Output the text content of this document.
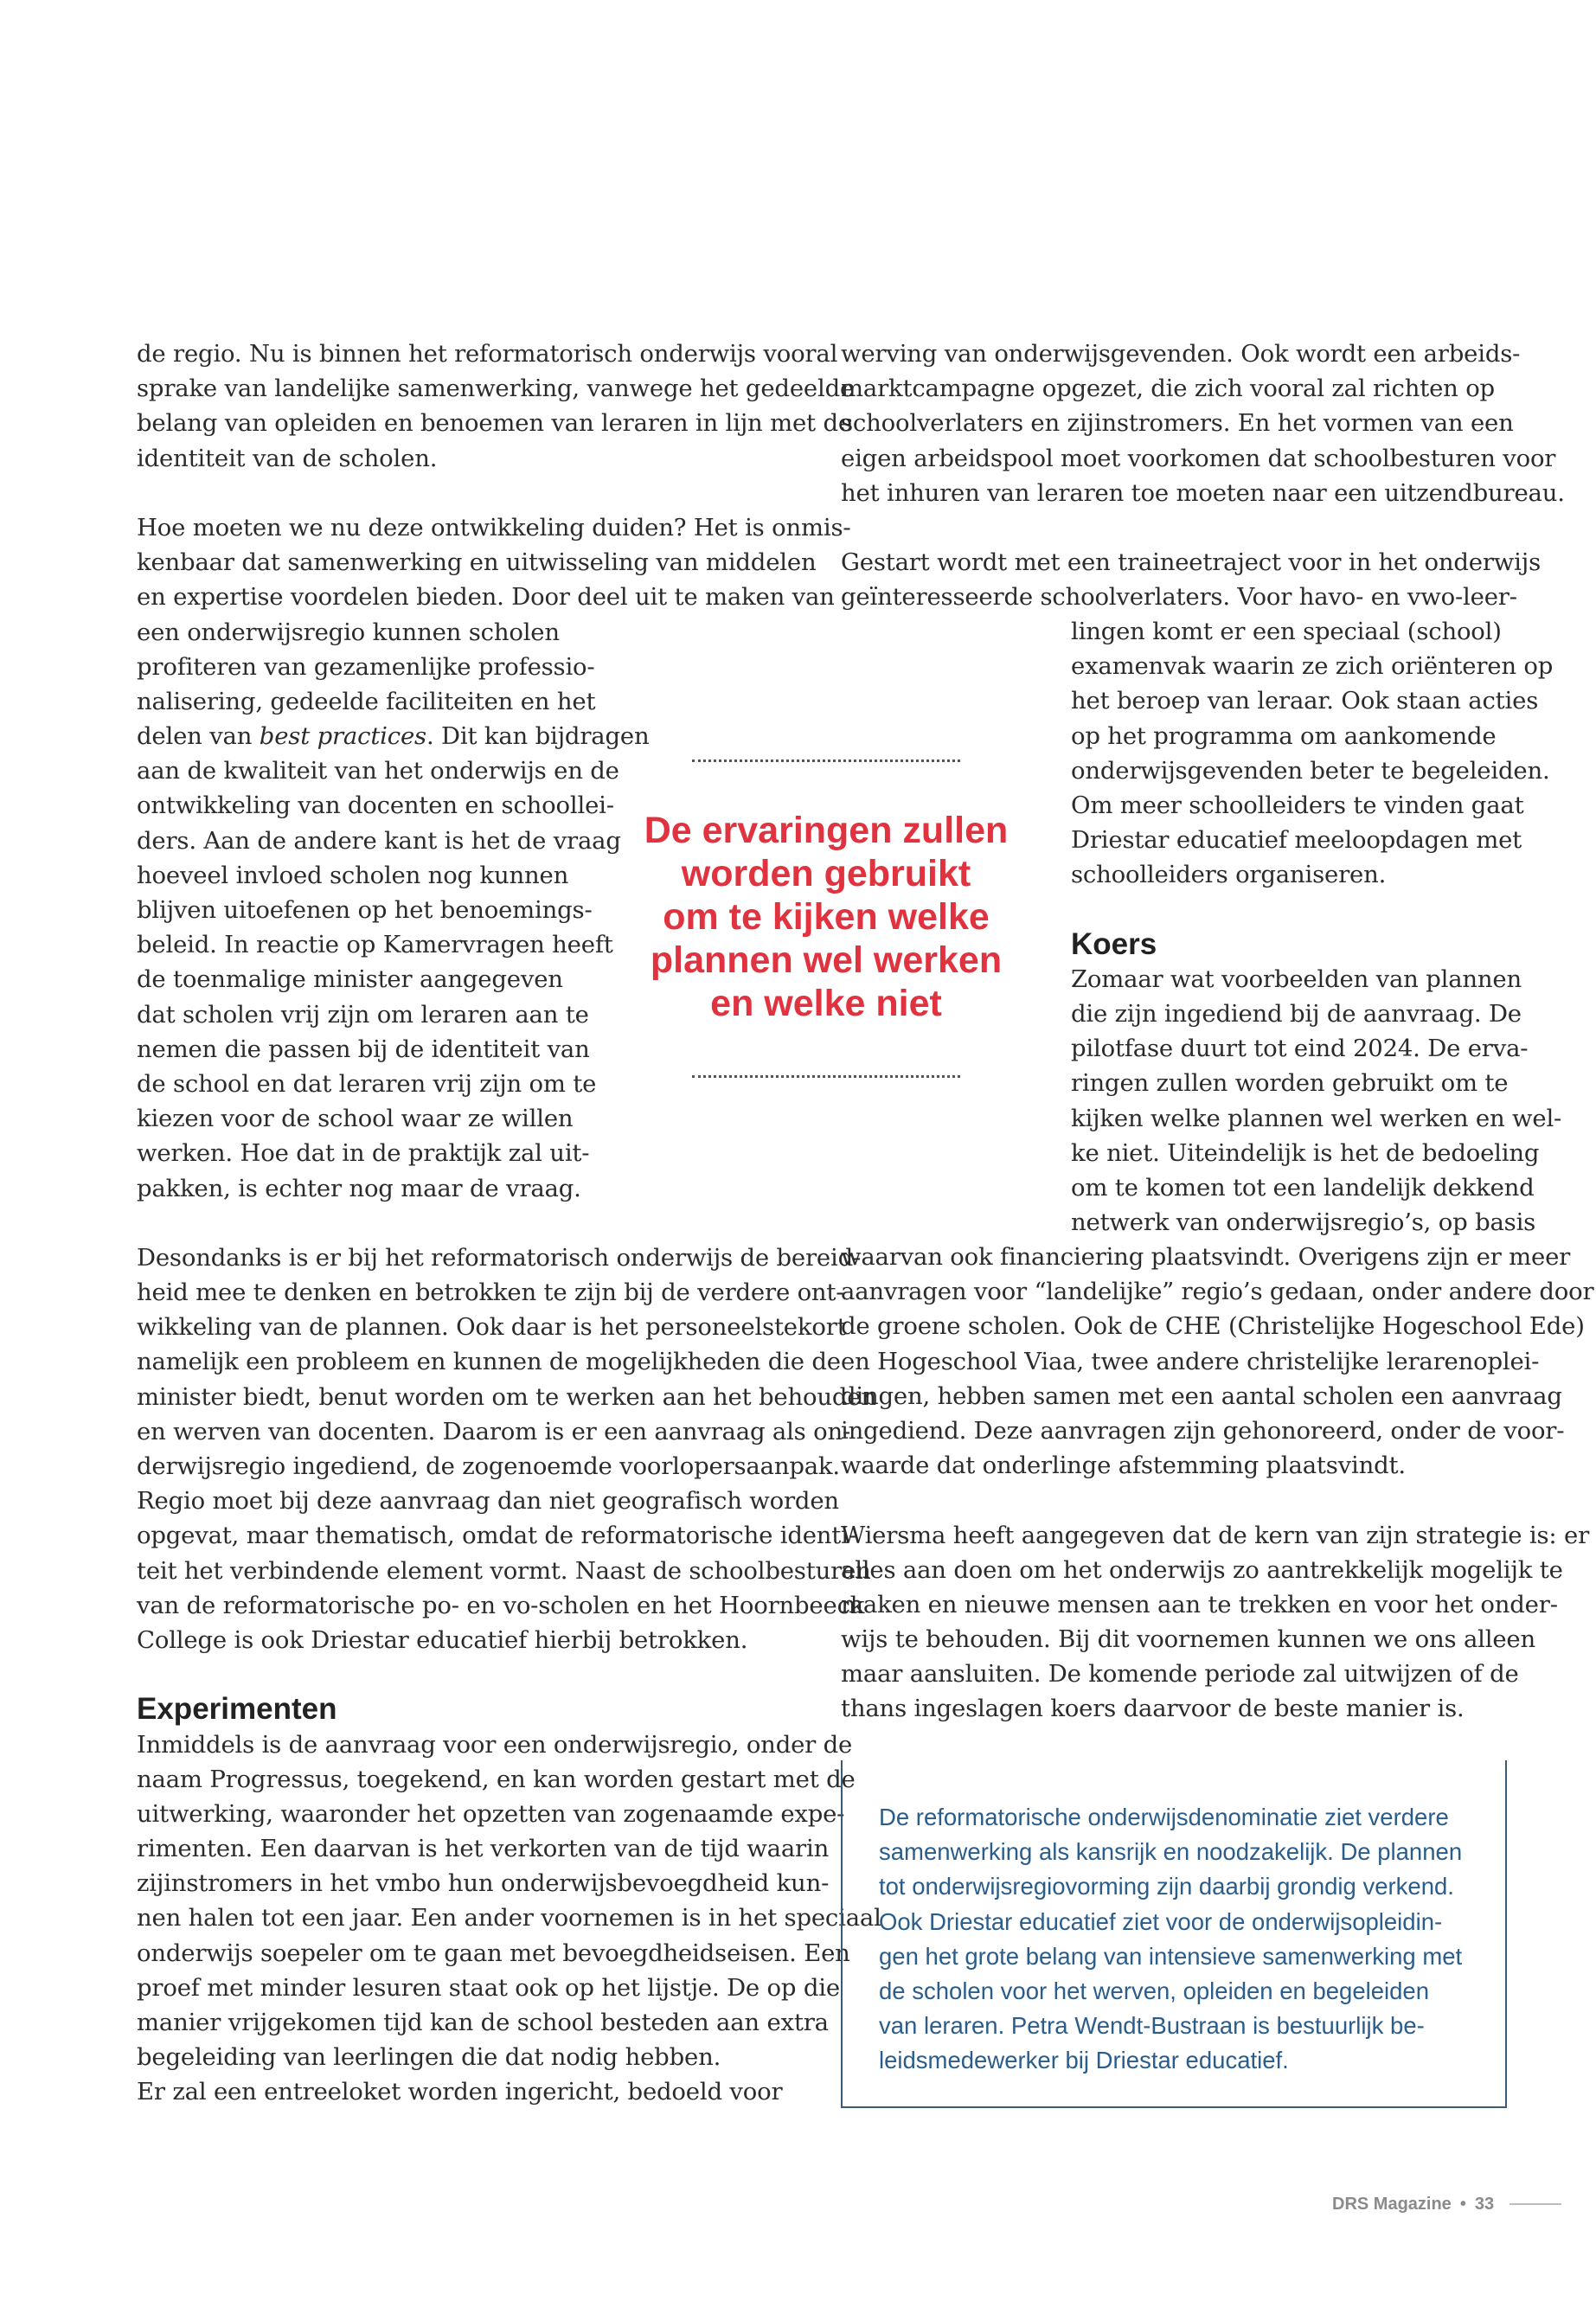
de regio. Nu is binnen het reformatorisch onderwijs vooral
sprake van landelijke samenwerking, vanwege het gedeelde
belang van opleiden en benoemen van leraren in lijn met de
identiteit van de scholen.
Hoe moeten we nu deze ontwikkeling duiden? Het is onmis-
kenbaar dat samenwerking en uitwisseling van middelen
en expertise voordelen bieden. Door deel uit te maken van
een onderwijsregio kunnen scholen
profiteren van gezamenlijke professio-
nalisering, gedeelde faciliteiten en het
delen van best practices. Dit kan bijdragen
aan de kwaliteit van het onderwijs en de
ontwikkeling van docenten en schoollei-
ders. Aan de andere kant is het de vraag
hoeveel invloed scholen nog kunnen
blijven uitoefenen op het benoemings-
beleid. In reactie op Kamervragen heeft
de toenmalige minister aangegeven
dat scholen vrij zijn om leraren aan te
nemen die passen bij de identiteit van
de school en dat leraren vrij zijn om te
kiezen voor de school waar ze willen
werken. Hoe dat in de praktijk zal uit-
pakken, is echter nog maar de vraag.
Desondanks is er bij het reformatorisch onderwijs de bereid-
heid mee te denken en betrokken te zijn bij de verdere ont-
wikkeling van de plannen. Ook daar is het personeelstekort
namelijk een probleem en kunnen de mogelijkheden die de
minister biedt, benut worden om te werken aan het behouden
en werven van docenten. Daarom is er een aanvraag als on-
derwijsregio ingediend, de zogenoemde voorlopersaanpak.
Regio moet bij deze aanvraag dan niet geografisch worden
opgevat, maar thematisch, omdat de reformatorische identi-
teit het verbindende element vormt. Naast de schoolbesturen
van de reformatorische po- en vo-scholen en het Hoornbeeck
College is ook Driestar educatief hierbij betrokken.
Experimenten
Inmiddels is de aanvraag voor een onderwijsregio, onder de
naam Progressus, toegekend, en kan worden gestart met de
uitwerking, waaronder het opzetten van zogenaamde expe-
rimenten. Een daarvan is het verkorten van de tijd waarin
zijinstromers in het vmbo hun onderwijsbevoegdheid kun-
nen halen tot een jaar. Een ander voornemen is in het speciaal
onderwijs soepeler om te gaan met bevoegdheidseisen. Een
proef met minder lesuren staat ook op het lijstje. De op die
manier vrijgekomen tijd kan de school besteden aan extra
begeleiding van leerlingen die dat nodig hebben.
Er zal een entreeloket worden ingericht, bedoeld voor
werving van onderwijsgevenden. Ook wordt een arbeids-
marktcampagne opgezet, die zich vooral zal richten op
schoolverlaters en zijinstromers. En het vormen van een
eigen arbeidspool moet voorkomen dat schoolbesturen voor
het inhuren van leraren toe moeten naar een uitzendbureau.
Gestart wordt met een traineetraject voor in het onderwijs
geïnteresseerde schoolverlaters. Voor havo- en vwo-leer-
lingen komt er een speciaal (school)
examenvak waarin ze zich oriënteren op
het beroep van leraar. Ook staan acties
op het programma om aankomende
onderwijsgevenden beter te begeleiden.
Om meer schoolleiders te vinden gaat
Driestar educatief meeloopdagen met
schoolleiders organiseren.
Koers
Zomaar wat voorbeelden van plannen
die zijn ingediend bij de aanvraag. De
pilotfase duurt tot eind 2024. De erva-
ringen zullen worden gebruikt om te
kijken welke plannen wel werken en wel-
ke niet. Uiteindelijk is het de bedoeling
om te komen tot een landelijk dekkend
netwerk van onderwijsregio’s, op basis
waarvan ook financiering plaatsvindt. Overigens zijn er meer
aanvragen voor “landelijke” regio’s gedaan, onder andere door
de groene scholen. Ook de CHE (Christelijke Hogeschool Ede)
en Hogeschool Viaa, twee andere christelijke lerarenoplei-
dingen, hebben samen met een aantal scholen een aanvraag
ingediend. Deze aanvragen zijn gehonoreerd, onder de voor-
waarde dat onderlinge afstemming plaatsvindt.
Wiersma heeft aangegeven dat de kern van zijn strategie is: er
alles aan doen om het onderwijs zo aantrekkelijk mogelijk te
maken en nieuwe mensen aan te trekken en voor het onder-
wijs te behouden. Bij dit voornemen kunnen we ons alleen
maar aansluiten. De komende periode zal uitwijzen of de
thans ingeslagen koers daarvoor de beste manier is.
De ervaringen zullen
worden gebruikt
om te kijken welke
plannen wel werken
en welke niet
De reformatorische onderwijsdenominatie ziet verdere
samenwerking als kansrijk en noodzakelijk. De plannen
tot onderwijsregiovorming zijn daarbij grondig verkend.
Ook Driestar educatief ziet voor de onderwijsopleidin-
gen het grote belang van intensieve samenwerking met
de scholen voor het werven, opleiden en begeleiden
van leraren. Petra Wendt-Bustraan is bestuurlijk be-
leidsmedewerker bij Driestar educatief.
DRS Magazine • 33
